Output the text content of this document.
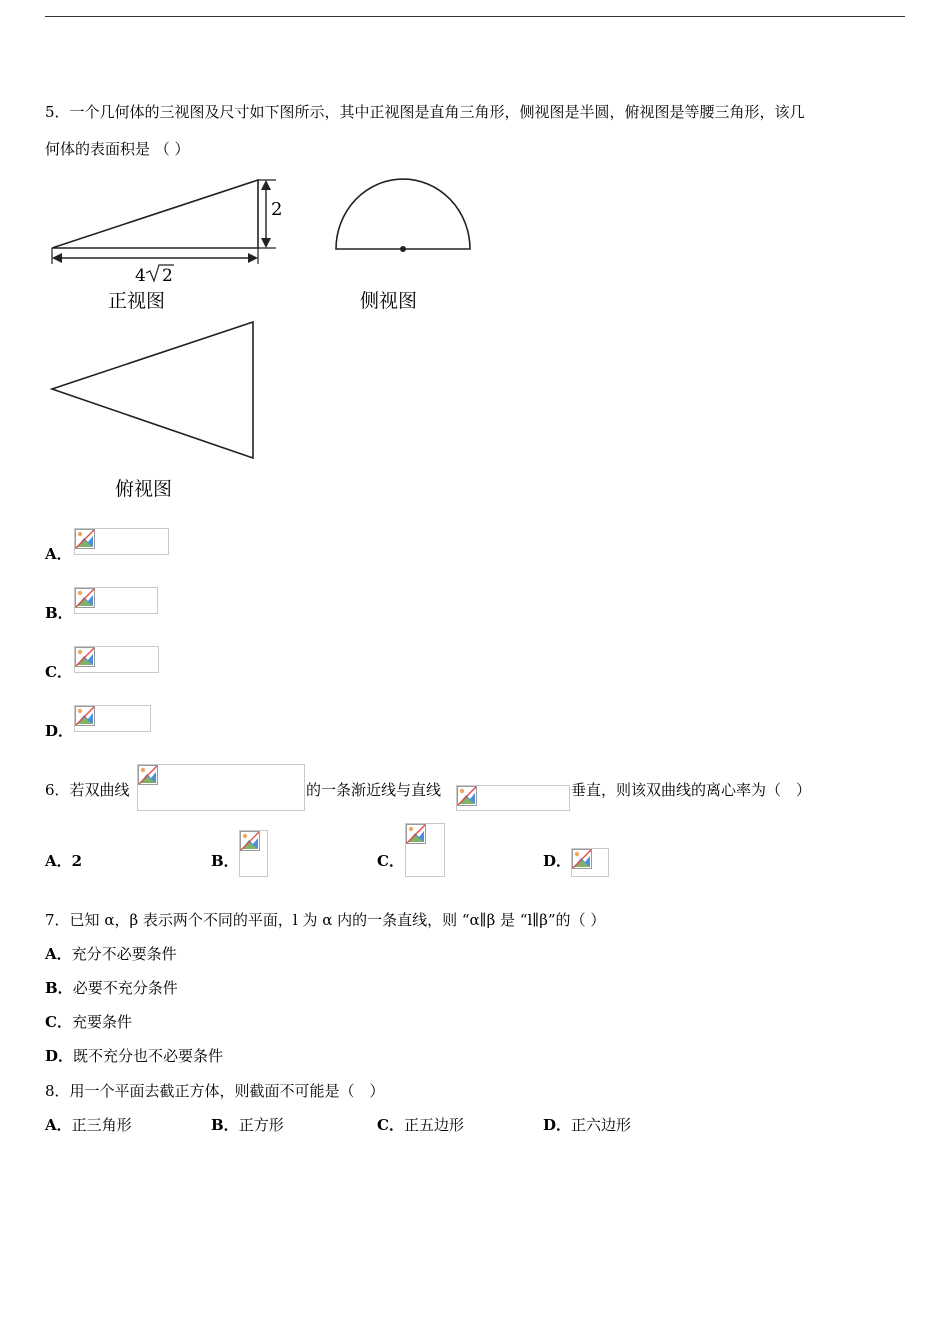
5．一个几何体的三视图及尺寸如下图所示，其中正视图是直角三角形，侧视图是半圆，俯视图是等腰三角形，该几
何体的表面积是 （ ）
2
4 2
正视图	侧视图
俯视图
A．
B．
C．
D．
6．若双曲线	的一条渐近线与直线	垂直，则该双曲线的离心率为（　）
A．2	B．	C．	D．
7．已知 α，β 表示两个不同的平面，l 为 α 内的一条直线，则 “α∥β 是 “l∥β”的（ ）
A．充分不必要条件
B．必要不充分条件
C．充要条件
D．既不充分也不必要条件
8．用一个平面去截正方体，则截面不可能是（　）
A．正三角形	B．正方形	C．正五边形	D．正六边形
